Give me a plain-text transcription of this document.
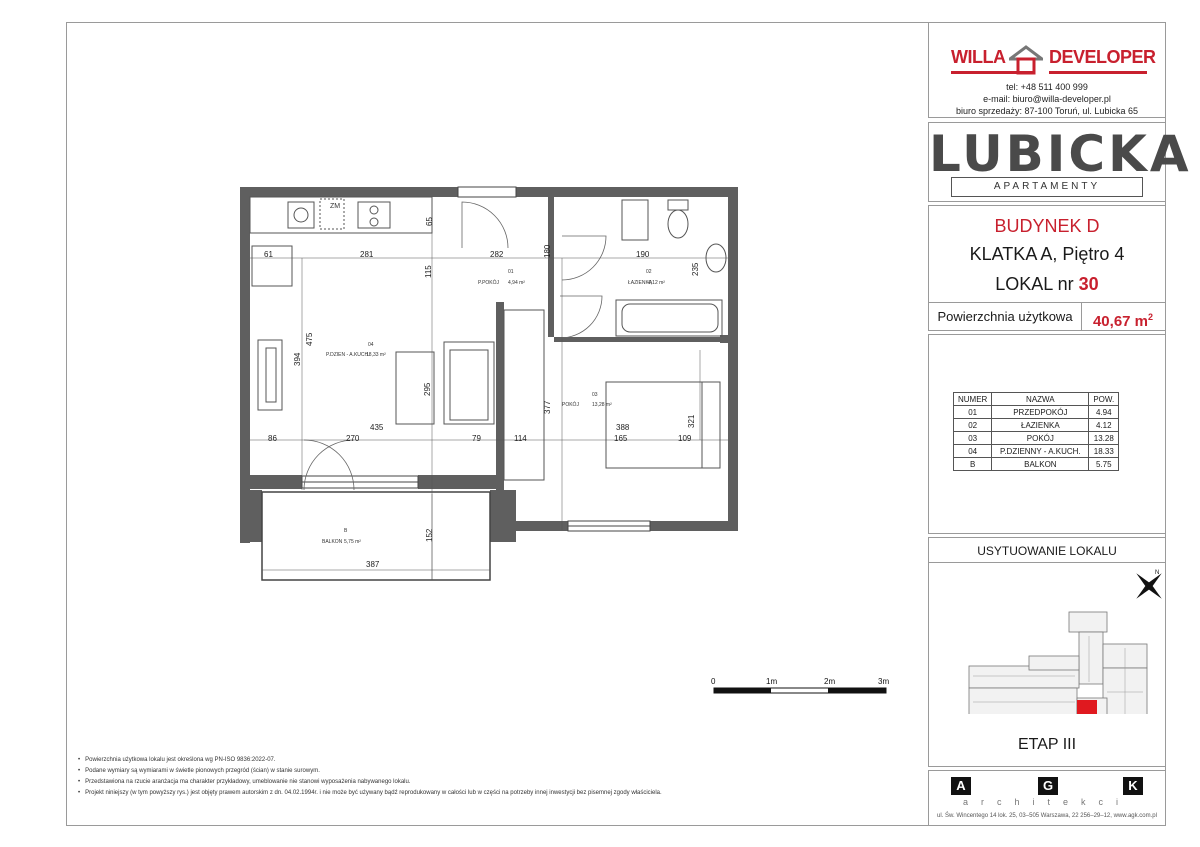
61	281
115
65
282	180	190
235
475
394
295
377
321
435	388
86	270	79	114	165	109
152
387
01
P.POKÓJ 4,94 m²
02
ŁAZIENKA
4,12 m²
03
POKÓJ	13,28 m²
04
P.DZIEN - A.KUCH.
18,33 m²
B
BALKON 5,75 m²
ZM
0	1m	2m	3m
WILLA DEVELOPER
tel: +48 511 400 999
e-mail: biuro@willa-developer.pl
biuro sprzedaży: 87-100 Toruń, ul. Lubicka 65
LUBICKA
APARTAMENTY
BUDYNEK D
KLATKA A, Piętro 4
LOKAL nr 30
Powierzchnia użytkowa	40,67 $m^2$
NUMER	NAZWA	POW.
01	PRZEDPOKÓJ	4.94
02	ŁAZIENKA	4.12
03	POKÓJ	13.28
04	P.DZIENNY - A.KUCH.	18.33
B	BALKON	5.75
USYTUOWANIE LOKALU
N
ETAP III
A	G	K
architekci
ul. Św. Wincentego 14 lok. 25, 03–505 Warszawa, 22 256–29–12, www.agk.com.pl
• Powierzchnia użytkowa lokalu jest określona wg PN-ISO 9836:2022-07.
• Podane wymiary są wymiarami w świetle pionowych przegród (ścian) w stanie surowym.
• Przedstawiona na rzucie aranżacja ma charakter przykładowy, umeblowanie nie stanowi wyposażenia nabywanego lokalu.
• Projekt niniejszy (w tym powyższy rys.) jest objęty prawem autorskim z dn. 04.02.1994r. i nie może być używany bądź reprodukowany w całości lub w części na potrzeby innej inwestycji bez pisemnej zgody właściciela.
